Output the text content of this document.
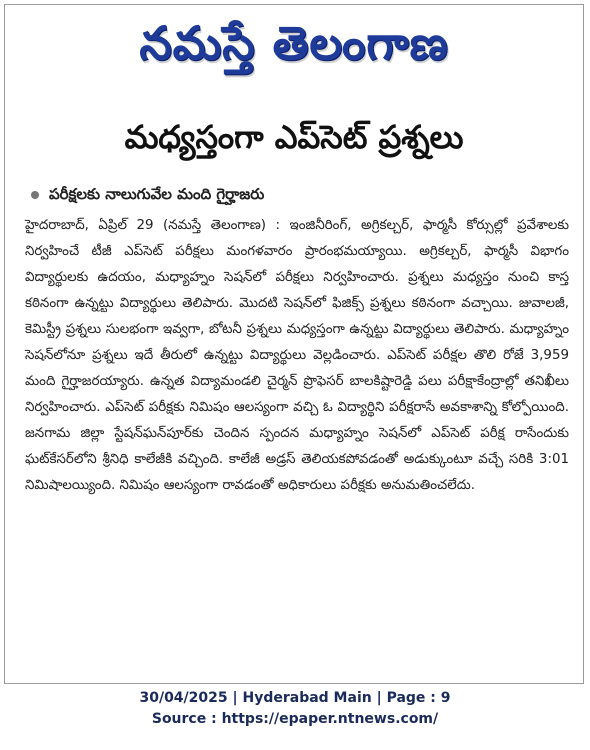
నమస్తే తెలంగాణ
మధ్యస్తంగా ఎప్‌సెట్ ప్రశ్నలు
పరీక్షలకు నాలుగువేల మంది గైర్హాజరు
హైదరాబాద్, ఏప్రిల్ 29 (నమస్తే తెలంగాణ) : ఇంజినీరింగ్, అగ్రికల్చర్, ఫార్మసీ కోర్సుల్లో ప్రవేశాలకు నిర్వహించే టీజీ ఎప్‌సెట్ పరీక్షలు మంగళవారం ప్రారంభమయ్యాయి. అగ్రికల్చర్, ఫార్మసీ విభాగం విద్యార్థులకు ఉదయం, మధ్యాహ్నం సెషన్‌లో పరీక్షలు నిర్వహించారు. ప్రశ్నలు మధ్యస్తం నుంచి కాస్త కఠినంగా ఉన్నట్టు విద్యార్థులు తెలిపారు. మొదటి సెషన్‌లో ఫిజిక్స్ ప్రశ్నలు కఠినంగా వచ్చాయి. జువాలజీ, కెమిస్ట్రీ ప్రశ్నలు సులభంగా ఇవ్వగా, బోటనీ ప్రశ్నలు మధ్యస్తంగా ఉన్నట్టు విద్యార్థులు తెలిపారు. మధ్యాహ్నం సెషన్‌లోనూ ప్రశ్నలు ఇదే తీరులో ఉన్నట్టు విద్యార్థులు వెల్లడించారు. ఎప్‌సెట్ పరీక్షల తొలి రోజే 3,959 మంది గైర్హాజరయ్యారు. ఉన్నత విద్యామండలి చైర్మన్ ప్రొఫెసర్ బాలకిష్టారెడ్డి పలు పరీక్షాకేంద్రాల్లో తనిఖీలు నిర్వహించారు. ఎప్‌సెట్ పరీక్షకు నిమిషం ఆలస్యంగా వచ్చి ఓ విద్యార్థిని పరీక్షరాసే అవకాశాన్ని కోల్పోయింది. జనగామ జిల్లా స్టేషన్‌ఘన్‌పూర్‌కు చెందిన స్పందన మధ్యాహ్నం సెషన్‌లో ఎప్‌సెట్ పరీక్ష రాసేందుకు ఘట్‌కేసర్‌లోని శ్రీనిధి కాలేజీకి వచ్చింది. కాలేజీ అడ్రస్ తెలియకపోవడంతో అడుక్కుంటూ వచ్చే సరికి 3:01 నిమిషాలయ్యింది. నిమిషం ఆలస్యంగా రావడంతో అధికారులు పరీక్షకు అనుమతించలేదు.
30/04/2025 | Hyderabad Main | Page : 9
Source : https://epaper.ntnews.com/
